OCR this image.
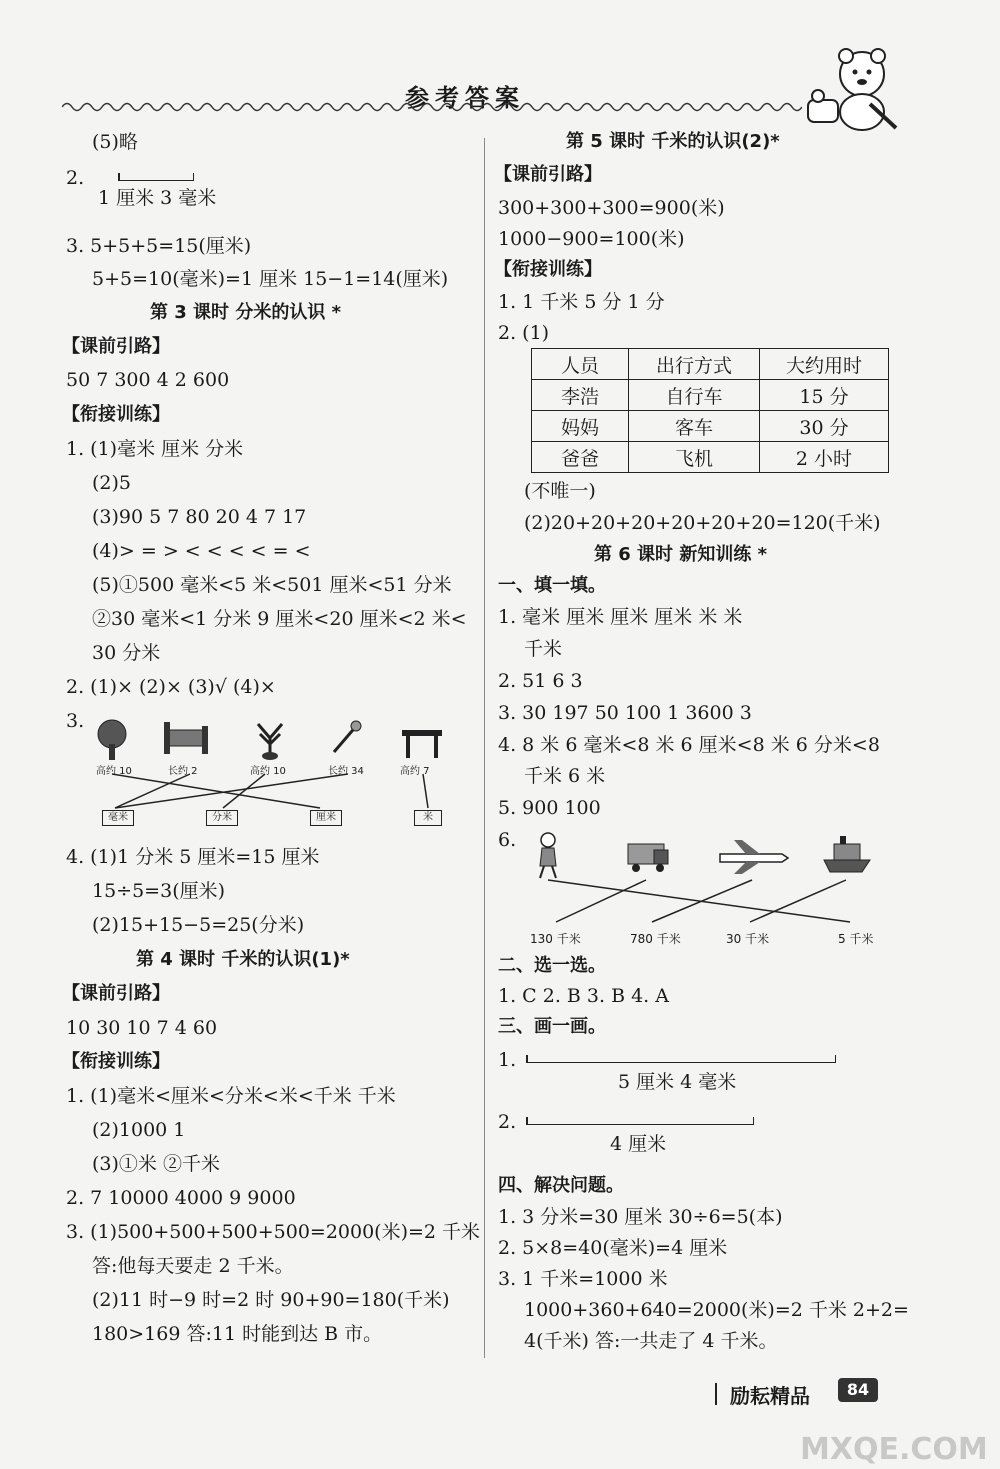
参考答案
(5)略
2.
1 厘米 3 毫米
3. 5+5+5=15(厘米)
5+5=10(毫米)=1 厘米 15−1=14(厘米)
第 3 课时 分米的认识 *
【课前引路】
50 7 300 4 2 600
【衔接训练】
1. (1)毫米 厘米 分米
(2)5
(3)90 5 7 80 20 4 7 17
(4)> = > < < < < = <
(5)①500 毫米<5 米<501 厘米<51 分米
②30 毫米<1 分米 9 厘米<20 厘米<2 米<
30 分米
2. (1)× (2)× (3)√ (4)×
3.
高约 10	长约 2	高约 10	长约 34	高约 7
毫米	分米	厘米	米
4. (1)1 分米 5 厘米=15 厘米
15÷5=3(厘米)
(2)15+15−5=25(分米)
第 4 课时 千米的认识(1)*
【课前引路】
10 30 10 7 4 60
【衔接训练】
1. (1)毫米<厘米<分米<米<千米 千米
(2)1000 1
(3)①米 ②千米
2. 7 10000 4000 9 9000
3. (1)500+500+500+500=2000(米)=2 千米
答:他每天要走 2 千米。
(2)11 时−9 时=2 时 90+90=180(千米)
180>169 答:11 时能到达 B 市。
第 5 课时 千米的认识(2)*
【课前引路】
300+300+300=900(米)
1000−900=100(米)
【衔接训练】
1. 1 千米 5 分 1 分
2. (1)
人员	出行方式	大约用时
李浩	自行车	15 分
妈妈	客车	30 分
爸爸	飞机	2 小时
(不唯一)
(2)20+20+20+20+20+20=120(千米)
第 6 课时 新知训练 *
一、填一填。
1. 毫米 厘米 厘米 厘米 米 米
千米
2. 51 6 3
3. 30 197 50 100 1 3600 3
4. 8 米 6 毫米<8 米 6 厘米<8 米 6 分米<8
千米 6 米
5. 900 100
6.
130 千米	780 千米	30 千米	5 千米
二、选一选。
1. C 2. B 3. B 4. A
三、画一画。
1.
5 厘米 4 毫米
2.
4 厘米
四、解决问题。
1. 3 分米=30 厘米 30÷6=5(本)
2. 5×8=40(毫米)=4 厘米
3. 1 千米=1000 米
1000+360+640=2000(米)=2 千米 2+2=
4(千米) 答:一共走了 4 千米。
励耘精品	84
MXQE.COM
